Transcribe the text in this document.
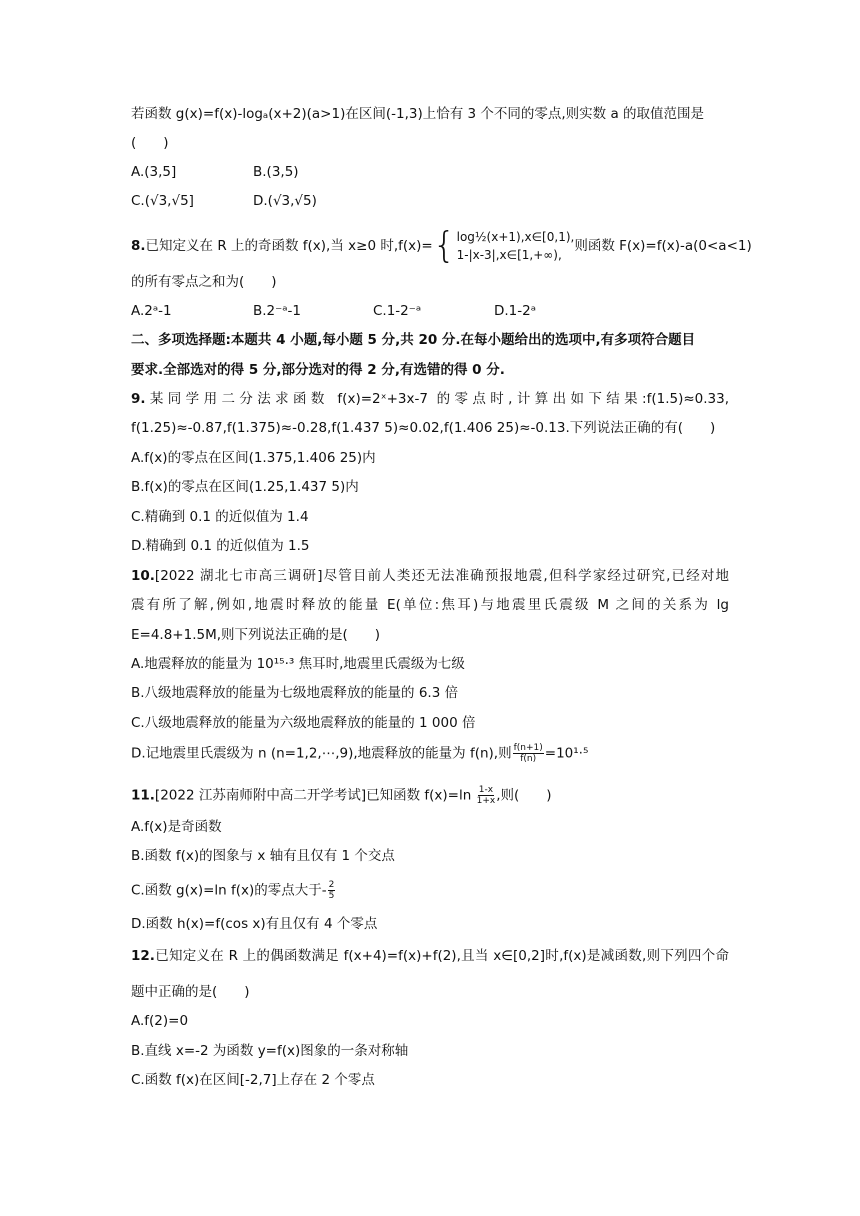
若函数 g(x)=f(x)-logₐ(x+2)(a>1)在区间(-1,3)上恰有 3 个不同的零点,则实数 a 的取值范围是
(  )
A.(3,5]	B.(3,5)
C.(√3,√5]	D.(√3,√5)
8.已知定义在 R 上的奇函数 f(x),当 x≥0 时,f(x)={ log½(x+1),x∈[0,1),
1-|x-3|,x∈[1,+∞),
则函数 F(x)=f(x)-a(0<a<1)
的所有零点之和为(  )
A.2ᵃ-1	B.2⁻ᵃ-1	C.1-2⁻ᵃ	D.1-2ᵃ
二、多项选择题:本题共 4 小题,每小题 5 分,共 20 分.在每小题给出的选项中,有多项符合题目
要求.全部选对的得 5 分,部分选对的得 2 分,有选错的得 0 分.
9.某同学用二分法求函数 f(x)=2ˣ+3x-7 的零点时,计算出如下结果:f(1.5)≈0.33,
f(1.25)≈-0.87,f(1.375)≈-0.28,f(1.437 5)≈0.02,f(1.406 25)≈-0.13.下列说法正确的有(  )
A.f(x)的零点在区间(1.375,1.406 25)内
B.f(x)的零点在区间(1.25,1.437 5)内
C.精确到 0.1 的近似值为 1.4
D.精确到 0.1 的近似值为 1.5
10.[2022 湖北七市高三调研]尽管目前人类还无法准确预报地震,但科学家经过研究,已经对地
震有所了解,例如,地震时释放的能量 E(单位:焦耳)与地震里氏震级 M 之间的关系为 lg
E=4.8+1.5M,则下列说法正确的是(  )
A.地震释放的能量为 10¹⁵·³ 焦耳时,地震里氏震级为七级
B.八级地震释放的能量为七级地震释放的能量的 6.3 倍
C.八级地震释放的能量为六级地震释放的能量的 1 000 倍
D.记地震里氏震级为 n (n=1,2,⋯,9),地震释放的能量为 f(n),则 $\frac{f(n+1)}{f(n)} =10^1\cdot^5$
11.[2022 江苏南师附中高二开学考试]已知函数 $f(x)=\ln \frac{1-x}{1+x}$ ,则(  )
A.f(x)是奇函数
B.函数 f(x)的图象与 x 轴有且仅有 1 个交点
C.函数 g(x)=ln f(x)的零点大于- $\frac{2}{5}$
D.函数 h(x)=f(cos x)有且仅有 4 个零点
12.已知定义在 R 上的偶函数满足 f(x+4)=f(x)+f(2),且当 x∈[0,2]时,f(x)是减函数,则下列四个命
题中正确的是(  )
A.f(2)=0
B.直线 x=-2 为函数 y=f(x)图象的一条对称轴
C.函数 f(x)在区间[-2,7]上存在 2 个零点
